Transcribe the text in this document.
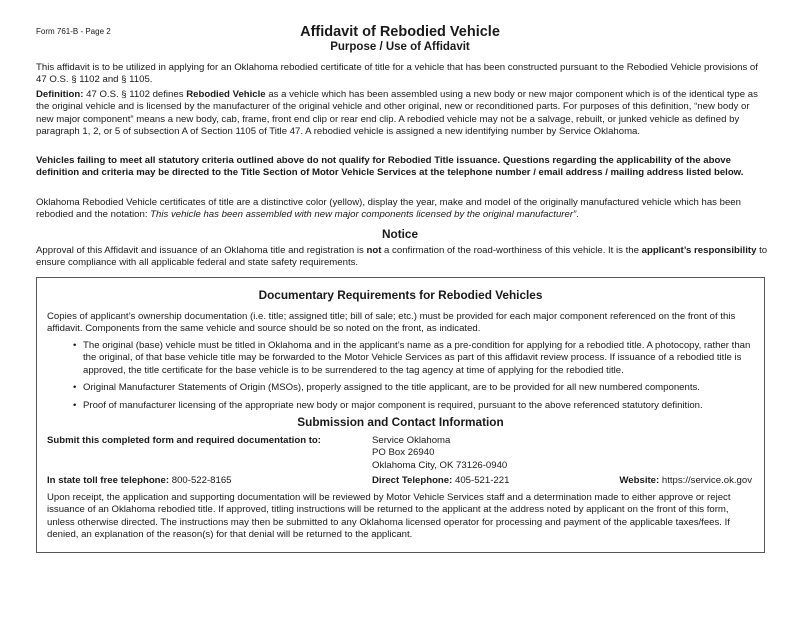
Form 761-B - Page 2	Affidavit of Rebodied Vehicle
Purpose / Use of Affidavit

This affidavit is to be utilized in applying for an Oklahoma rebodied certificate of title for a vehicle that has been constructed pursuant to the Rebodied Vehicle provisions of 47 O.S. § 1102 and § 1105.

Definition: 47 O.S. § 1102 defines Rebodied Vehicle as a vehicle which has been assembled using a new body or new major component which is of the identical type as the original vehicle and is licensed by the manufacturer of the original vehicle and other original, new or reconditioned parts. For purposes of this definition, “new body or new major component” means a new body, cab, frame, front end clip or rear end clip. A rebodied vehicle may not be a salvage, rebuilt, or junked vehicle as defined by paragraph 1, 2, or 5 of subsection A of Section 1105 of Title 47. A rebodied vehicle is assigned a new identifying number by Service Oklahoma.

Vehicles failing to meet all statutory criteria outlined above do not qualify for Rebodied Title issuance. Questions regarding the applicability of the above definition and criteria may be directed to the Title Section of Motor Vehicle Services at the telephone number / email address / mailing address listed below.

Oklahoma Rebodied Vehicle certificates of title are a distinctive color (yellow), display the year, make and model of the originally manufactured vehicle which has been rebodied and the notation: This vehicle has been assembled with new major components licensed by the original manufacturer”.

Notice

Approval of this Affidavit and issuance of an Oklahoma title and registration is not a confirmation of the road-worthiness of this vehicle. It is the applicant’s responsibility to ensure compliance with all applicable federal and state safety requirements.

Documentary Requirements for Rebodied Vehicles

Copies of applicant’s ownership documentation (i.e. title; assigned title; bill of sale; etc.) must be provided for each major component referenced on the front of this affidavit. Components from the same vehicle and source should be so noted on the front, as indicated.

• The original (base) vehicle must be titled in Oklahoma and in the applicant’s name as a pre-condition for applying for a rebodied title. A photocopy, rather than the original, of that base vehicle title may be forwarded to the Motor Vehicle Services as part of this affidavit review process. If issuance of a rebodied title is approved, the title certificate for the base vehicle is to be surrendered to the tag agency at time of applying for the rebodied title.
• Original Manufacturer Statements of Origin (MSOs), properly assigned to the title applicant, are to be provided for all new numbered components.
• Proof of manufacturer licensing of the appropriate new body or major component is required, pursuant to the above referenced statutory definition.
Submission and Contact Information
Submit this completed form and required documentation to:	Service Oklahoma
PO Box 26940
Oklahoma City, OK 73126-0940
In state toll free telephone: 800-522-8165	Direct Telephone: 405-521-221	Website: https://service.ok.gov

Upon receipt, the application and supporting documentation will be reviewed by Motor Vehicle Services staff and a determination made to either approve or reject issuance of an Oklahoma rebodied title. If approved, titling instructions will be returned to the applicant at the address noted by applicant on the front of this form, unless otherwise directed. The instructions may then be submitted to any Oklahoma licensed operator for processing and payment of the applicable taxes/fees. If denied, an explanation of the reason(s) for that denial will be returned to the applicant.
